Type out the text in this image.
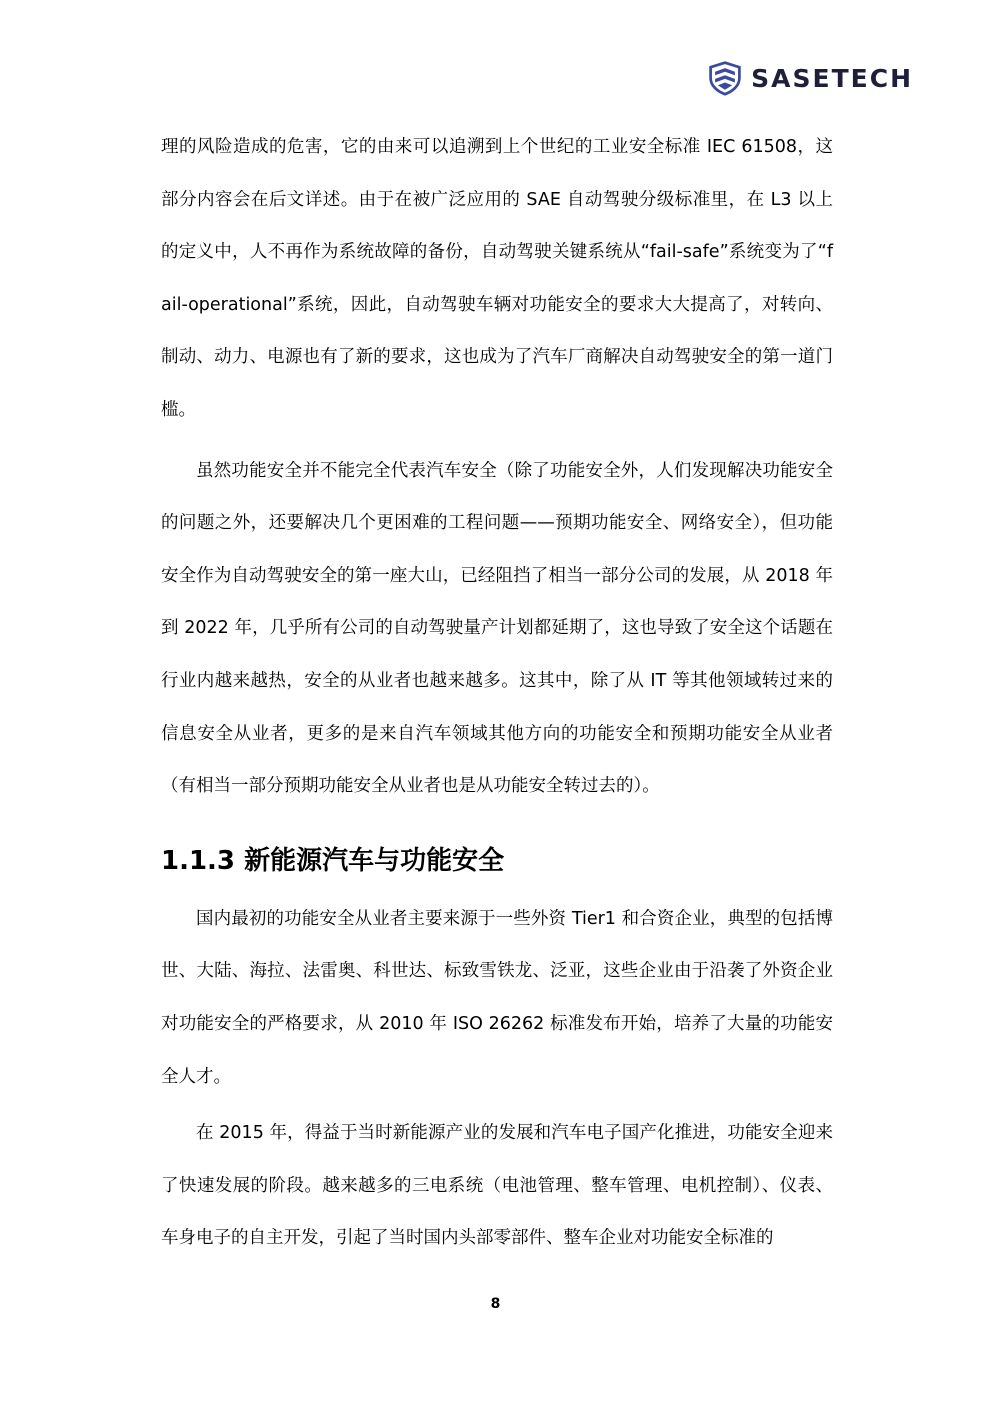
SASETECH

理的风险造成的危害，它的由来可以追溯到上个世纪的工业安全标准 IEC 61508，这部分内容会在后文详述。由于在被广泛应用的 SAE 自动驾驶分级标准里，在 L3 以上的定义中，人不再作为系统故障的备份，自动驾驶关键系统从“fail-safe”系统变为了“fail-operational”系统，因此，自动驾驶车辆对功能安全的要求大大提高了，对转向、制动、动力、电源也有了新的要求，这也成为了汽车厂商解决自动驾驶安全的第一道门槛。

虽然功能安全并不能完全代表汽车安全（除了功能安全外，人们发现解决功能安全的问题之外，还要解决几个更困难的工程问题——预期功能安全、网络安全），但功能安全作为自动驾驶安全的第一座大山，已经阻挡了相当一部分公司的发展，从 2018 年到 2022 年，几乎所有公司的自动驾驶量产计划都延期了，这也导致了安全这个话题在行业内越来越热，安全的从业者也越来越多。这其中，除了从 IT 等其他领域转过来的信息安全从业者，更多的是来自汽车领域其他方向的功能安全和预期功能安全从业者（有相当一部分预期功能安全从业者也是从功能安全转过去的）。

1.1.3 新能源汽车与功能安全

国内最初的功能安全从业者主要来源于一些外资 Tier1 和合资企业，典型的包括博世、大陆、海拉、法雷奥、科世达、标致雪铁龙、泛亚，这些企业由于沿袭了外资企业对功能安全的严格要求，从 2010 年 ISO 26262 标准发布开始，培养了大量的功能安全人才。

在 2015 年，得益于当时新能源产业的发展和汽车电子国产化推进，功能安全迎来了快速发展的阶段。越来越多的三电系统（电池管理、整车管理、电机控制）、仪表、车身电子的自主开发，引起了当时国内头部零部件、整车企业对功能安全标准的

8
